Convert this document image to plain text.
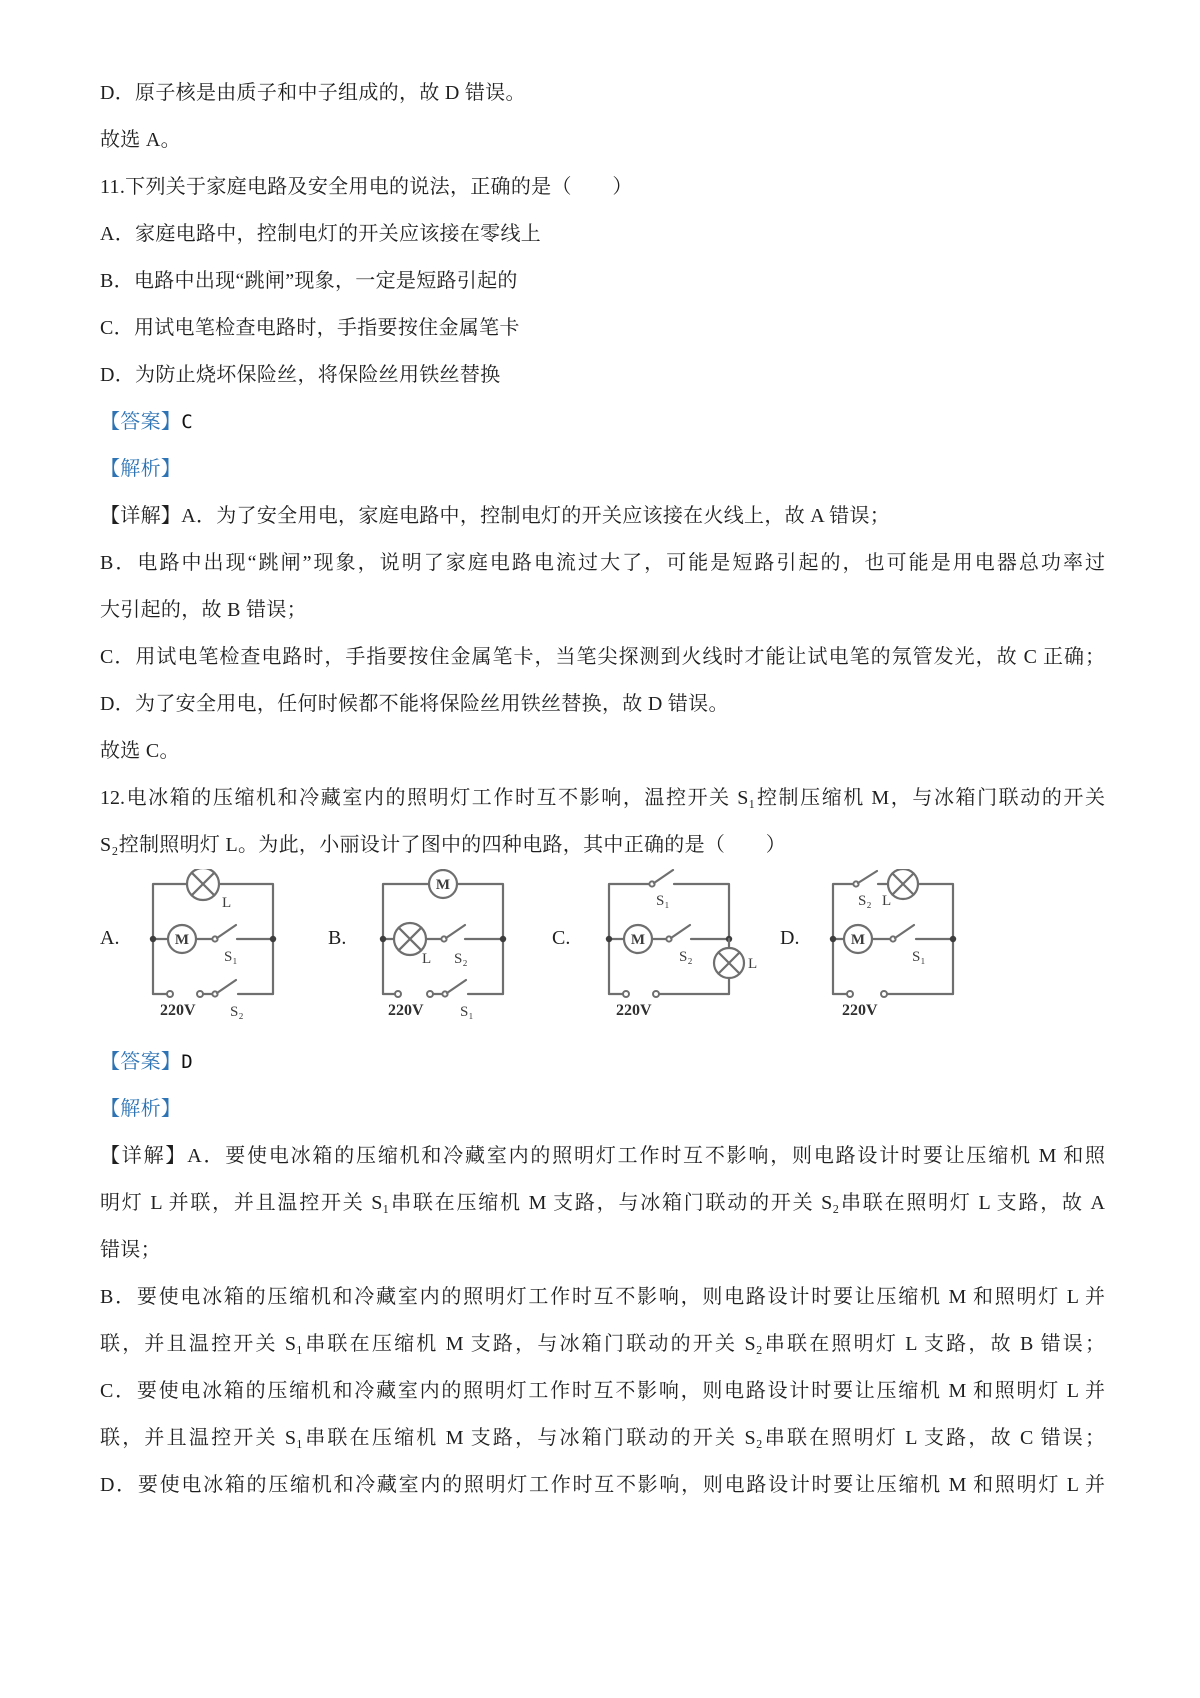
D．原子核是由质子和中子组成的，故 D 错误。
故选 A。
11.下列关于家庭电路及安全用电的说法，正确的是（　　）
A．家庭电路中，控制电灯的开关应该接在零线上
B．电路中出现“跳闸”现象，一定是短路引起的
C．用试电笔检查电路时，手指要按住金属笔卡
D．为防止烧坏保险丝，将保险丝用铁丝替换
【答案】C
【解析】
【详解】A．为了安全用电，家庭电路中，控制电灯的开关应该接在火线上，故 A 错误；
B．电路中出现“跳闸”现象，说明了家庭电路电流过大了，可能是短路引起的，也可能是用电器总功率过
大引起的，故 B 错误；
C．用试电笔检查电路时，手指要按住金属笔卡，当笔尖探测到火线时才能让试电笔的氖管发光，故 C 正确；
D．为了安全用电，任何时候都不能将保险丝用铁丝替换，故 D 错误。
故选 C。
12.电冰箱的压缩机和冷藏室内的照明灯工作时互不影响，温控开关 S₁控制压缩机 M，与冰箱门联动的开关
S₂控制照明灯 L。为此，小丽设计了图中的四种电路，其中正确的是（　　）
A.
L
M
S₁
220V S₂
B.
M
L S₂
220V S₁
C.
S₁
M
S₂	L
220V
D.
S₂ L
M
S₁
220V
【答案】D
【解析】
【详解】A．要使电冰箱的压缩机和冷藏室内的照明灯工作时互不影响，则电路设计时要让压缩机 M 和照
明灯 L 并联，并且温控开关 S₁串联在压缩机 M 支路，与冰箱门联动的开关 S₂串联在照明灯 L 支路，故 A
错误；
B．要使电冰箱的压缩机和冷藏室内的照明灯工作时互不影响，则电路设计时要让压缩机 M 和照明灯 L 并
联，并且温控开关 S₁串联在压缩机 M 支路，与冰箱门联动的开关 S₂串联在照明灯 L 支路，故 B 错误；
C．要使电冰箱的压缩机和冷藏室内的照明灯工作时互不影响，则电路设计时要让压缩机 M 和照明灯 L 并
联，并且温控开关 S₁串联在压缩机 M 支路，与冰箱门联动的开关 S₂串联在照明灯 L 支路，故 C 错误；
D．要使电冰箱的压缩机和冷藏室内的照明灯工作时互不影响，则电路设计时要让压缩机 M 和照明灯 L 并
